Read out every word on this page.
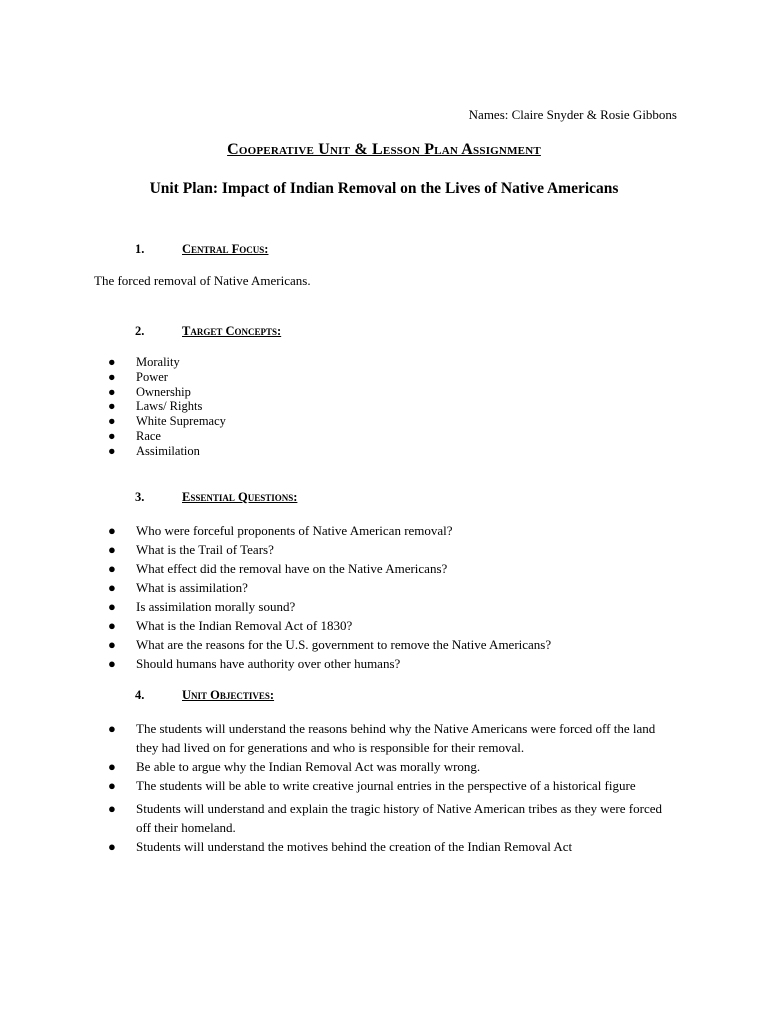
Names: Claire Snyder & Rosie Gibbons
Cooperative Unit & Lesson Plan Assignment
Unit Plan: Impact of Indian Removal on the Lives of Native Americans
1.	Central Focus:
The forced removal of Native Americans.
2.	Target Concepts:
● Morality
● Power
● Ownership
● Laws/ Rights
● White Supremacy
● Race
● Assimilation
3.	Essential Questions:
● Who were forceful proponents of Native American removal?
● What is the Trail of Tears?
● What effect did the removal have on the Native Americans?
● What is assimilation?
● Is assimilation morally sound?
● What is the Indian Removal Act of 1830?
● What are the reasons for the U.S. government to remove the Native Americans?
● Should humans have authority over other humans?
4.	Unit Objectives:
● The students will understand the reasons behind why the Native Americans were forced off the land they had lived on for generations and who is responsible for their removal.
● Be able to argue why the Indian Removal Act was morally wrong.
● The students will be able to write creative journal entries in the perspective of a historical figure
● Students will understand and explain the tragic history of Native American tribes as they were forced off their homeland.
● Students will understand the motives behind the creation of the Indian Removal Act
